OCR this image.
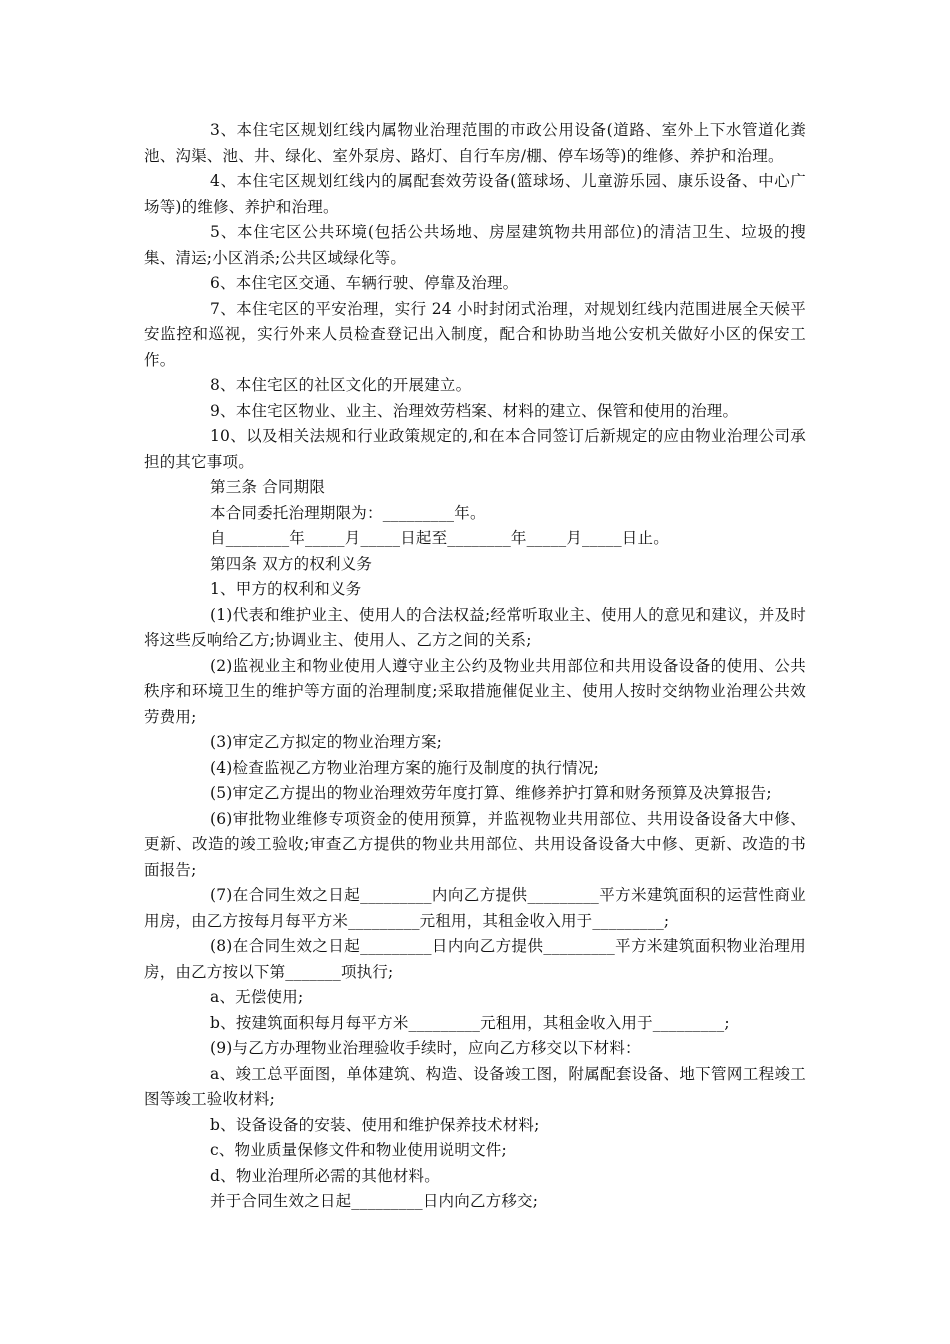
3、本住宅区规划红线内属物业治理范围的市政公用设备(道路、室外上下水管道化粪池、沟渠、池、井、绿化、室外泵房、路灯、自行车房/棚、停车场等)的维修、养护和治理。

4、本住宅区规划红线内的属配套效劳设备(篮球场、儿童游乐园、康乐设备、中心广场等)的维修、养护和治理。

5、本住宅区公共环境(包括公共场地、房屋建筑物共用部位)的清洁卫生、垃圾的搜集、清运;小区消杀;公共区域绿化等。

6、本住宅区交通、车辆行驶、停靠及治理。

7、本住宅区的平安治理，实行 24 小时封闭式治理，对规划红线内范围进展全天候平安监控和巡视，实行外来人员检查登记出入制度，配合和协助当地公安机关做好小区的保安工作。

8、本住宅区的社区文化的开展建立。

9、本住宅区物业、业主、治理效劳档案、材料的建立、保管和使用的治理。

10、以及相关法规和行业政策规定的,和在本合同签订后新规定的应由物业治理公司承担的其它事项。

第三条 合同期限

本合同委托治理期限为：_________年。

自________年_____月_____日起至________年_____月_____日止。

第四条 双方的权利义务

1、甲方的权利和义务

(1)代表和维护业主、使用人的合法权益;经常听取业主、使用人的意见和建议，并及时将这些反响给乙方;协调业主、使用人、乙方之间的关系;

(2)监视业主和物业使用人遵守业主公约及物业共用部位和共用设备设备的使用、公共秩序和环境卫生的维护等方面的治理制度;采取措施催促业主、使用人按时交纳物业治理公共效劳费用;

(3)审定乙方拟定的物业治理方案;

(4)检查监视乙方物业治理方案的施行及制度的执行情况;

(5)审定乙方提出的物业治理效劳年度打算、维修养护打算和财务预算及决算报告;

(6)审批物业维修专项资金的使用预算，并监视物业共用部位、共用设备设备大中修、更新、改造的竣工验收;审查乙方提供的物业共用部位、共用设备设备大中修、更新、改造的书面报告;

(7)在合同生效之日起_________内向乙方提供_________平方米建筑面积的运营性商业用房，由乙方按每月每平方米_________元租用，其租金收入用于_________;

(8)在合同生效之日起_________日内向乙方提供_________平方米建筑面积物业治理用房，由乙方按以下第_______项执行;

a、无偿使用;

b、按建筑面积每月每平方米_________元租用，其租金收入用于_________;

(9)与乙方办理物业治理验收手续时，应向乙方移交以下材料：

a、竣工总平面图，单体建筑、构造、设备竣工图，附属配套设备、地下管网工程竣工图等竣工验收材料;

b、设备设备的安装、使用和维护保养技术材料;

c、物业质量保修文件和物业使用说明文件;

d、物业治理所必需的其他材料。

并于合同生效之日起_________日内向乙方移交;
